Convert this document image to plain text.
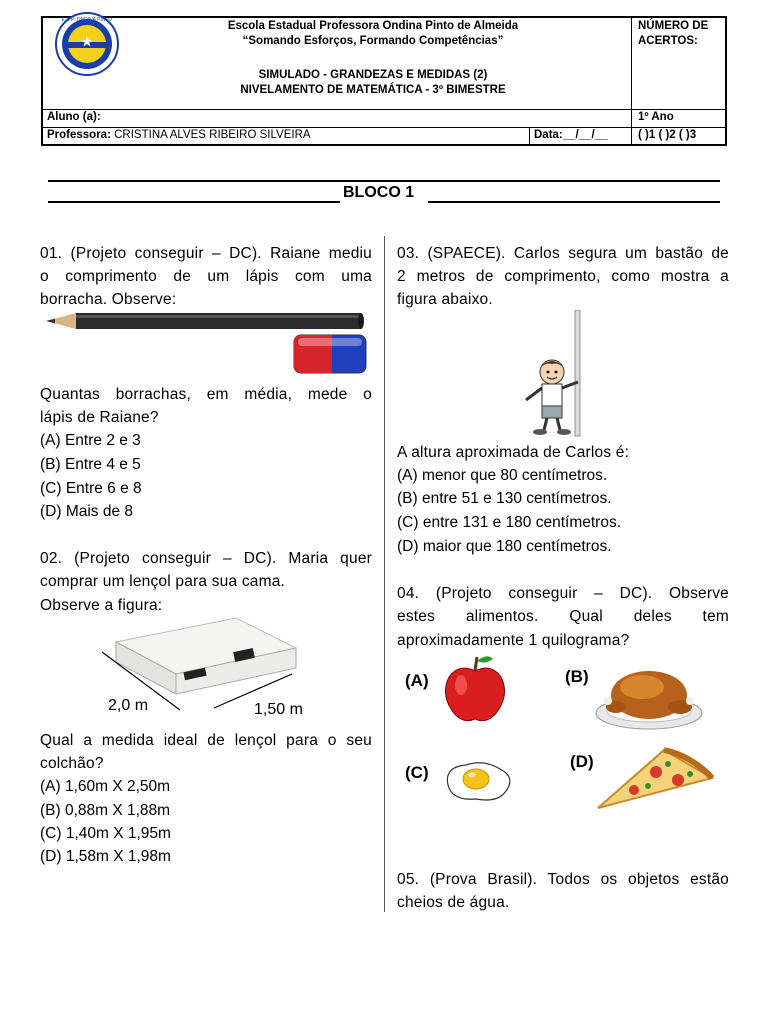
E.E.P. ONDINA PINTO	Escola Estadual Professora Ondina Pinto de Almeida
“Somando Esforços, Formando Competências”
SIMULADO - GRANDEZAS E MEDIDAS (2)
NIVELAMENTO DE MATEMÁTICA - 3º BIMESTRE
NÚMERO DE
ACERTOS:
Aluno (a):	1º Ano
Professora: CRISTINA ALVES RIBEIRO SILVEIRA	Data:__/__/__	( )1 ( )2 ( )3
BLOCO 1
01. (Projeto conseguir – DC). Raiane mediu
o comprimento de um lápis com uma
borracha. Observe:
Quantas borrachas, em média, mede o
lápis de Raiane?
(A) Entre 2 e 3
(B) Entre 4 e 5
(C) Entre 6 e 8
(D) Mais de 8
02. (Projeto conseguir – DC). Maria quer
comprar um lençol para sua cama.
Observe a figura:
2,0 m	1,50 m
Qual a medida ideal de lençol para o seu
colchão?
(A) 1,60m X 2,50m
(B) 0,88m X 1,88m
(C) 1,40m X 1,95m
(D) 1,58m X 1,98m
03. (SPAECE). Carlos segura um bastão de
2 metros de comprimento, como mostra a
figura abaixo.
A altura aproximada de Carlos é:
(A) menor que 80 centímetros.
(B) entre 51 e 130 centímetros.
(C) entre 131 e 180 centímetros.
(D) maior que 180 centímetros.
04. (Projeto conseguir – DC). Observe
estes alimentos. Qual deles tem
aproximadamente 1 quilograma?
(A)	(B)
(C)
(D)
05. (Prova Brasil). Todos os objetos estão
cheios de água.
